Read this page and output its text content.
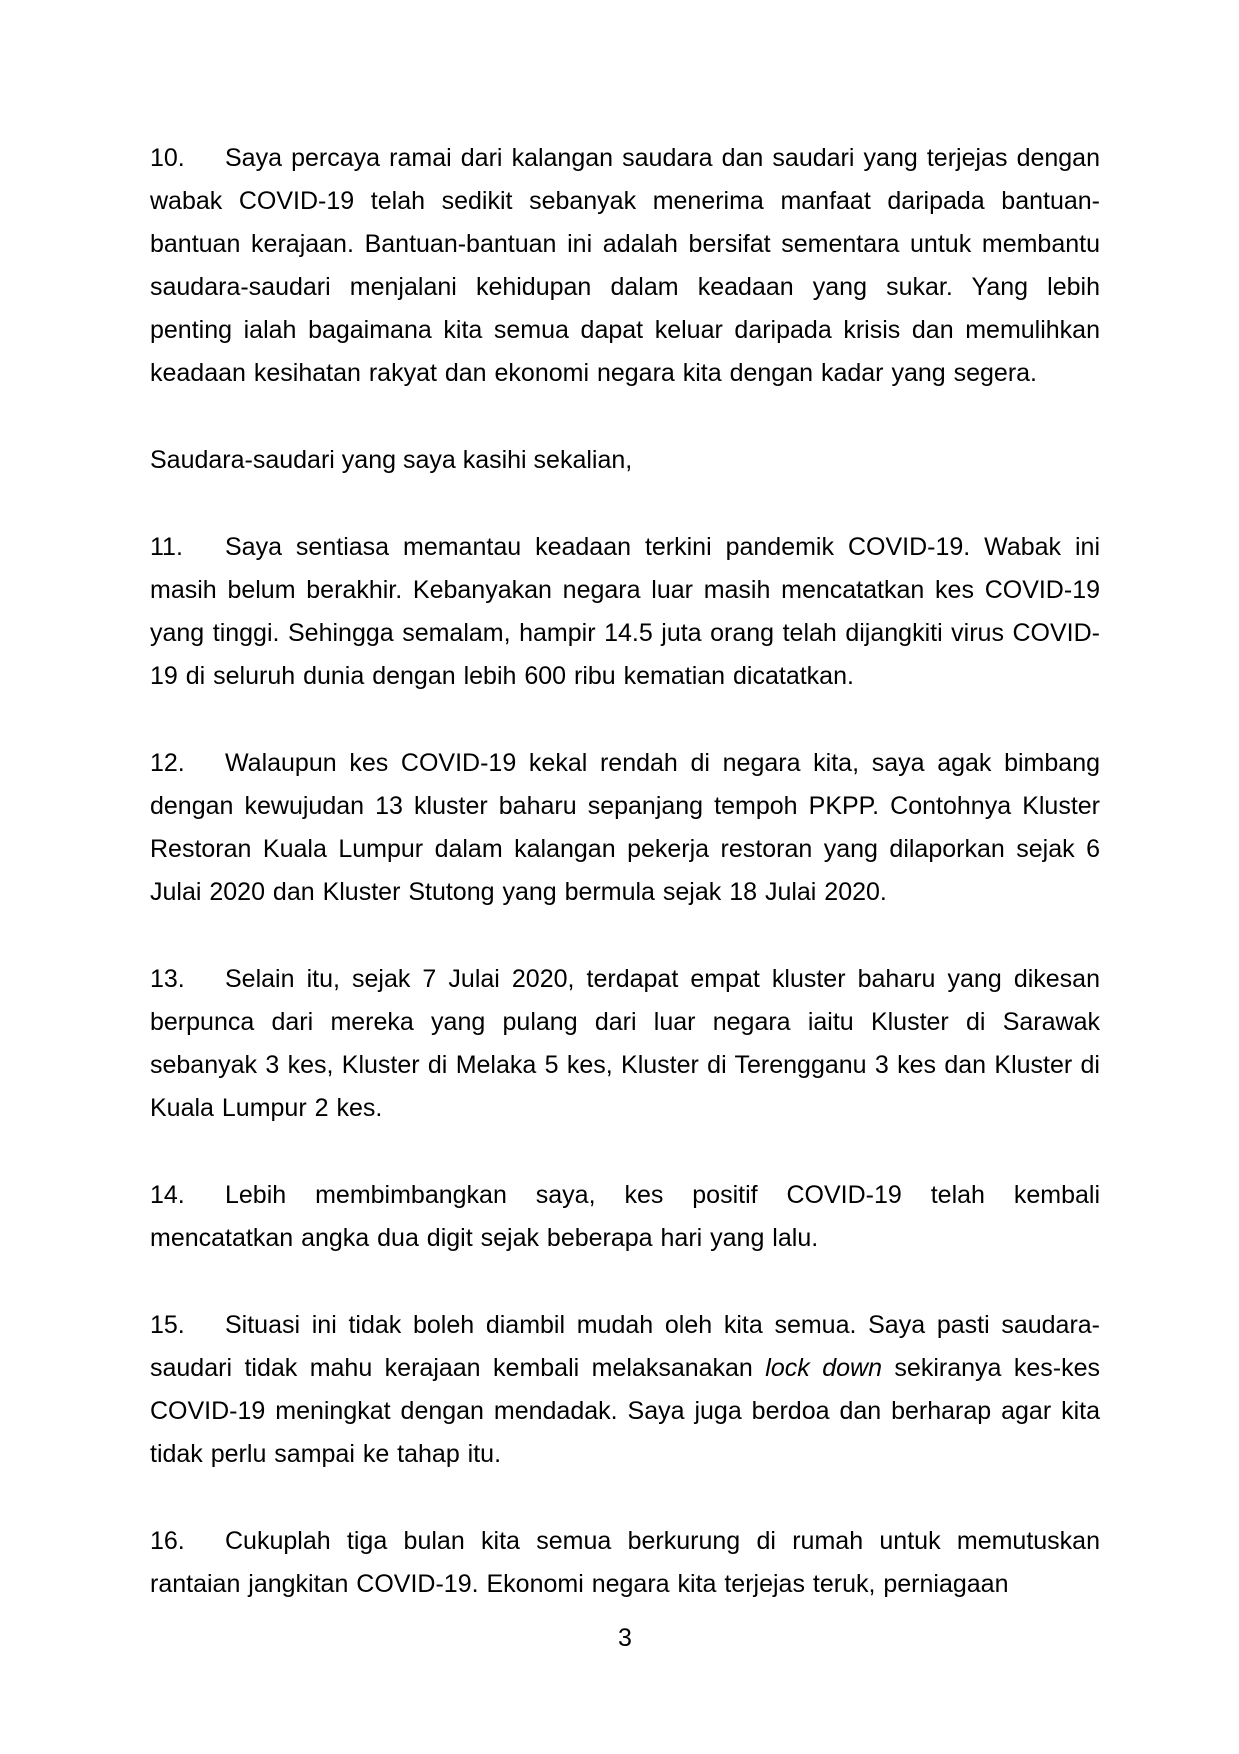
10. Saya percaya ramai dari kalangan saudara dan saudari yang terjejas dengan wabak COVID-19 telah sedikit sebanyak menerima manfaat daripada bantuan-bantuan kerajaan. Bantuan-bantuan ini adalah bersifat sementara untuk membantu saudara-saudari menjalani kehidupan dalam keadaan yang sukar. Yang lebih penting ialah bagaimana kita semua dapat keluar daripada krisis dan memulihkan keadaan kesihatan rakyat dan ekonomi negara kita dengan kadar yang segera.

Saudara-saudari yang saya kasihi sekalian,

11. Saya sentiasa memantau keadaan terkini pandemik COVID-19. Wabak ini masih belum berakhir. Kebanyakan negara luar masih mencatatkan kes COVID-19 yang tinggi. Sehingga semalam, hampir 14.5 juta orang telah dijangkiti virus COVID-19 di seluruh dunia dengan lebih 600 ribu kematian dicatatkan.

12. Walaupun kes COVID-19 kekal rendah di negara kita, saya agak bimbang dengan kewujudan 13 kluster baharu sepanjang tempoh PKPP. Contohnya Kluster Restoran Kuala Lumpur dalam kalangan pekerja restoran yang dilaporkan sejak 6 Julai 2020 dan Kluster Stutong yang bermula sejak 18 Julai 2020.

13. Selain itu, sejak 7 Julai 2020, terdapat empat kluster baharu yang dikesan berpunca dari mereka yang pulang dari luar negara iaitu Kluster di Sarawak sebanyak 3 kes, Kluster di Melaka 5 kes, Kluster di Terengganu 3 kes dan Kluster di Kuala Lumpur 2 kes.

14. Lebih membimbangkan saya, kes positif COVID-19 telah kembali mencatatkan angka dua digit sejak beberapa hari yang lalu.

15. Situasi ini tidak boleh diambil mudah oleh kita semua. Saya pasti saudara-saudari tidak mahu kerajaan kembali melaksanakan lock down sekiranya kes-kes COVID-19 meningkat dengan mendadak. Saya juga berdoa dan berharap agar kita tidak perlu sampai ke tahap itu.

16. Cukuplah tiga bulan kita semua berkurung di rumah untuk memutuskan rantaian jangkitan COVID-19. Ekonomi negara kita terjejas teruk, perniagaan

3
